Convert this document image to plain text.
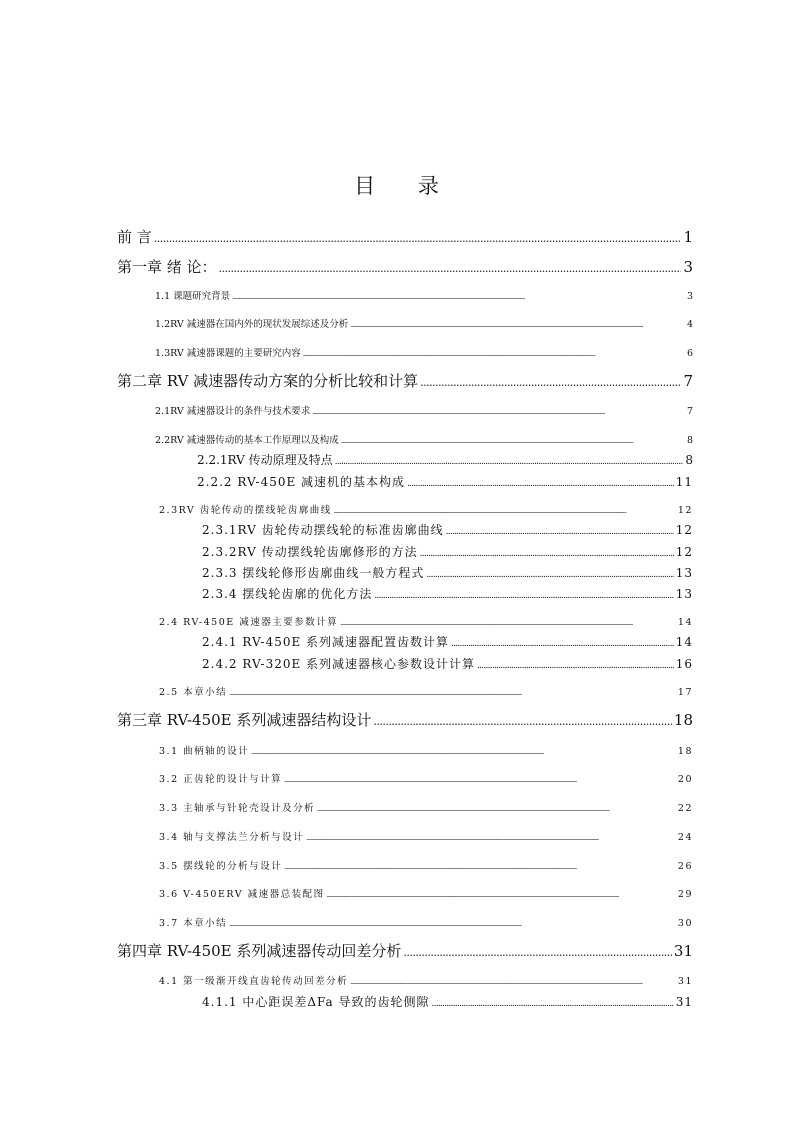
目 录
前 言 . . .	1
第一章 绪 论： . . .	3
1.1 课题研究背景 . . .	3
1.2RV 减速器在国内外的现状发展综述及分析 . . .	4
1.3RV 减速器课题的主要研究内容 . . .	6
第二章 RV 减速器传动方案的分析比较和计算 . . .	7
2.1RV 减速器设计的条件与技术要求 . . .	7
2.2RV 减速器传动的基本工作原理以及构成 . . .	8
2.2.1RV 传动原理及特点 . . .	8
2.2.2 RV-450E 减速机的基本构成 . . .	11
2.3RV 齿轮传动的摆线轮齿廓曲线 . . .	12
2.3.1RV 齿轮传动摆线轮的标准齿廓曲线 . . .	12
2.3.2RV 传动摆线轮齿廓修形的方法 . . .	12
2.3.3 摆线轮修形齿廓曲线一般方程式 . . .	13
2.3.4 摆线轮齿廓的优化方法 . . .	13
2.4 RV-450E 减速器主要参数计算 . . .	14
2.4.1 RV-450E 系列减速器配置齿数计算 . . .	14
2.4.2 RV-320E 系列减速器核心参数设计计算 . . .	16
2.5 本章小结 . . .	17
第三章 RV-450E 系列减速器结构设计 . . .	18
3.1 曲柄轴的设计 . . .	18
3.2 正齿轮的设计与计算 . . .	20
3.3 主轴承与针轮壳设计及分析 . . .	22
3.4 轴与支撑法兰分析与设计 . . .	24
3.5 摆线轮的分析与设计 . . .	26
3.6 V-450ERV 减速器总装配图 . . .	29
3.7 本章小结 . . .	30
第四章 RV-450E 系列减速器传动回差分析 . . .	31
4.1 第一级渐开线直齿轮传动回差分析 . . .	31
4.1.1 中心距误差ΔFa 导致的齿轮侧隙 . . .	31
